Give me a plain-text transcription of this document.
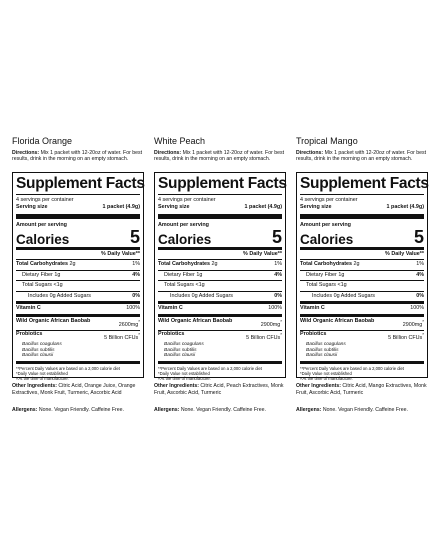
Florida Orange
Directions: Mix 1 packet with 12-20oz of water. For best results, drink in the morning on an empty stomach.
Supplement Facts
4 servings per container
Serving size	1 packet (4.9g)
Amount per serving
Calories	5
% Daily Value**
Total Carbohydrates 2g	1%
Dietary Fiber 1g	4%
Total Sugars <1g
Includes 0g Added Sugars	0%
Vitamin C	100%
Wild Organic African Baobab
2600mg*
Probiotics
5 Billion CFUs*
Bacillus coagulans
Bacillus subtilis
Bacillus clausii
**Percent Daily Values are based on a 2,000 calorie diet
*Daily Value not established
˄At the time of manufacture.
Other Ingredients: Citric Acid, Orange Juice, Orange Extractives, Monk Fruit, Turmeric, Ascorbic Acid
Allergens: None. Vegan Friendly. Caffeine Free.
White Peach
Directions: Mix 1 packet with 12-20oz of water. For best results, drink in the morning on an empty stomach.
Supplement Facts
4 servings per container
Serving size	1 packet (4.9g)
Amount per serving
Calories	5
% Daily Value**
Total Carbohydrates 2g	1%
Dietary Fiber 1g	4%
Total Sugars <1g
Includes 0g Added Sugars	0%
Vitamin C	100%
Wild Organic African Baobab
2900mg*
Probiotics
5 Billion CFUs*
Bacillus coagulans
Bacillus subtilis
Bacillus clausii
**Percent Daily Values are based on a 2,000 calorie diet
*Daily Value not established
˄At the time of manufacture.
Other Ingredients: Citric Acid, Peach Extractives, Monk Fruit, Ascorbic Acid, Turmeric
Allergens: None. Vegan Friendly. Caffeine Free.
Tropical Mango
Directions: Mix 1 packet with 12-20oz of water. For best results, drink in the morning on an empty stomach.
Supplement Facts
4 servings per container
Serving size	1 packet (4.9g)
Amount per serving
Calories	5
% Daily Value**
Total Carbohydrates 2g	1%
Dietary Fiber 1g	4%
Total Sugars <1g
Includes 0g Added Sugars	0%
Vitamin C	100%
Wild Organic African Baobab
2900mg*
Probiotics
5 Billion CFUs*
Bacillus coagulans
Bacillus subtilis
Bacillus clausii
**Percent Daily Values are based on a 2,000 calorie diet
*Daily Value not established
˄At the time of manufacture.
Other Ingredients: Citric Acid, Mango Extractives, Monk Fruit, Ascorbic Acid, Turmeric
Allergens: None. Vegan Friendly. Caffeine Free.
